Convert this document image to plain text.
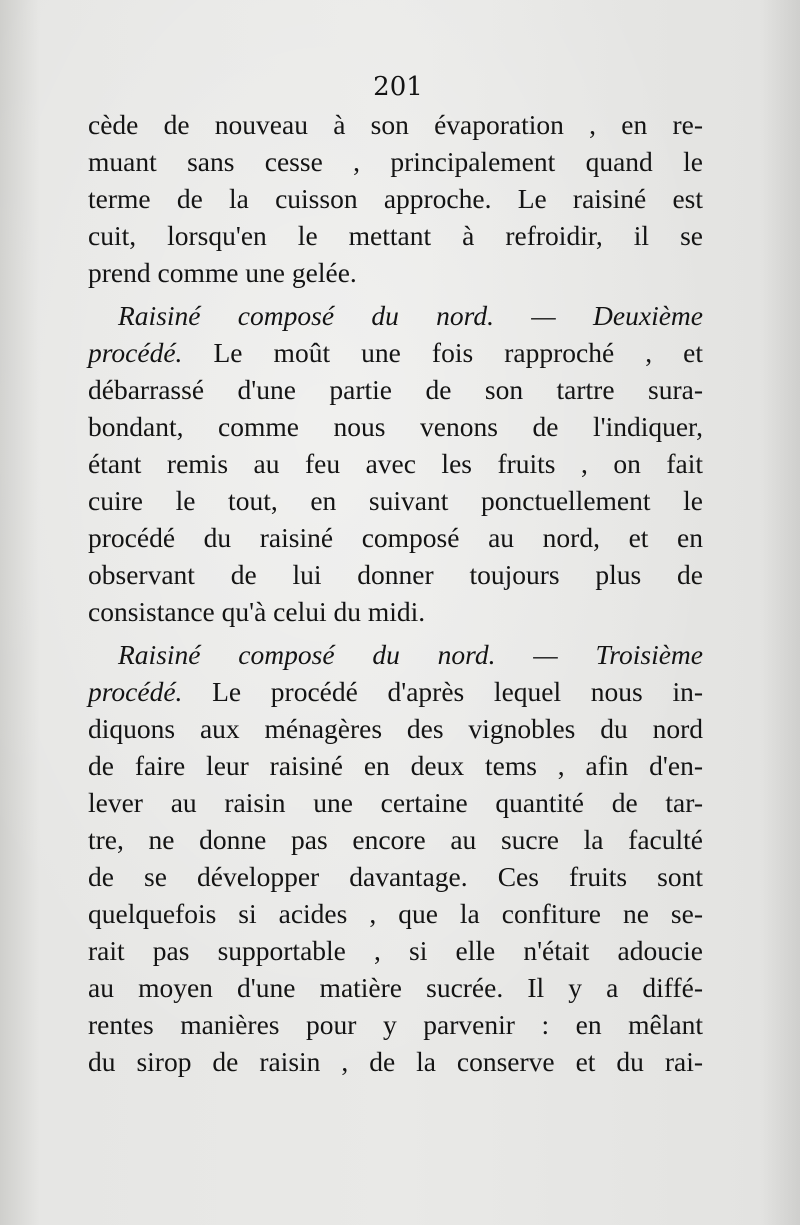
201
cède de nouveau à son évaporation , en re-
muant sans cesse , principalement quand le
terme de la cuisson approche. Le raisiné est
cuit, lorsqu'en le mettant à refroidir, il se
prend comme une gelée.
Raisiné composé du nord. — Deuxième
procédé. Le moût une fois rapproché , et
débarrassé d'une partie de son tartre sura-
bondant, comme nous venons de l'indiquer,
étant remis au feu avec les fruits , on fait
cuire le tout, en suivant ponctuellement le
procédé du raisiné composé au nord, et en
observant de lui donner toujours plus de
consistance qu'à celui du midi.
Raisiné composé du nord. — Troisième
procédé. Le procédé d'après lequel nous in-
diquons aux ménagères des vignobles du nord
de faire leur raisiné en deux tems , afin d'en-
lever au raisin une certaine quantité de tar-
tre, ne donne pas encore au sucre la faculté
de se développer davantage. Ces fruits sont
quelquefois si acides , que la confiture ne se-
rait pas supportable , si elle n'était adoucie
au moyen d'une matière sucrée. Il y a diffé-
rentes manières pour y parvenir : en mêlant
du sirop de raisin , de la conserve et du rai-
